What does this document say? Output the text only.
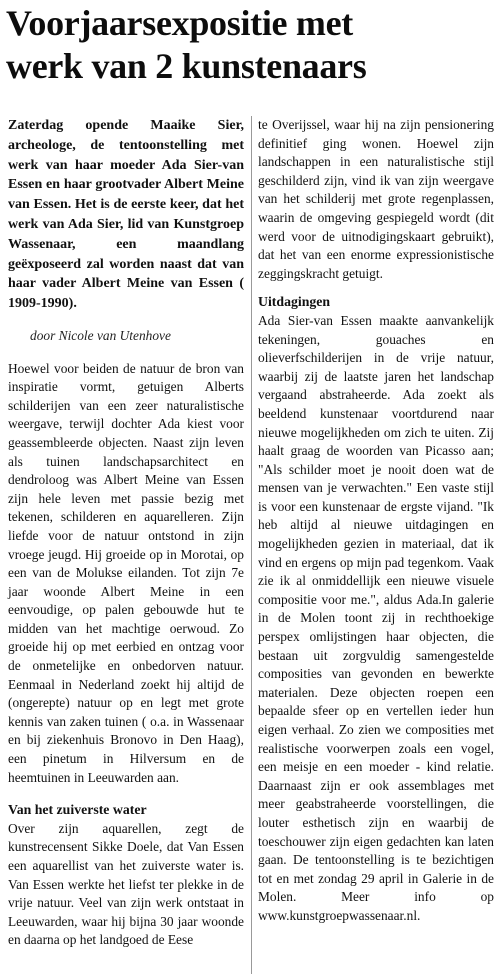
Voorjaarsexpositie met
werk van 2 kunstenaars

Zaterdag opende Maaike Sier, archeologe, de tentoonstelling met werk van haar moeder Ada Sier-van Essen en haar grootvader Albert Meine van Essen. Het is de eerste keer, dat het werk van Ada Sier, lid van Kunstgroep Wassenaar, een maandlang geëxposeerd zal worden naast dat van haar vader Albert Meine van Essen ( 1909-1990).

door Nicole van Utenhove

Hoewel voor beiden de natuur de bron van inspiratie vormt, getuigen Alberts schilderijen van een zeer naturalistische weergave, terwijl dochter Ada kiest voor geassembleerde objecten. Naast zijn leven als tuinen landschapsarchitect en dendroloog was Albert Meine van Essen zijn hele leven met passie bezig met tekenen, schilderen en aquarelleren. Zijn liefde voor de natuur ontstond in zijn vroege jeugd. Hij groeide op in Morotai, op een van de Molukse eilanden. Tot zijn 7e jaar woonde Albert Meine in een eenvoudige, op palen gebouwde hut te midden van het machtige oerwoud. Zo groeide hij op met eerbied en ontzag voor de onmetelijke en onbedorven natuur. Eenmaal in Nederland zoekt hij altijd de (ongerepte) natuur op en legt met grote kennis van zaken tuinen ( o.a. in Wassenaar en bij ziekenhuis Bronovo in Den Haag), een pinetum in Hilversum en de heemtuinen in Leeuwarden aan.

Van het zuiverste water

Over zijn aquarellen, zegt de kunstrecensent Sikke Doele, dat Van Essen een aquarellist van het zuiverste water is. Van Essen werkte het liefst ter plekke in de vrije natuur. Veel van zijn werk ontstaat in Leeuwarden, waar hij bijna 30 jaar woonde en daarna op het landgoed de Eese

te Overijssel, waar hij na zijn pensionering definitief ging wonen. Hoewel zijn landschappen in een naturalistische stijl geschilderd zijn, vind ik van zijn weergave van het schilderij met grote regenplassen, waarin de omgeving gespiegeld wordt (dit werd voor de uitnodigingskaart gebruikt), dat het van een enorme expressionistische zeggingskracht getuigt.

Uitdagingen

Ada Sier-van Essen maakte aanvankelijk tekeningen, gouaches en olieverfschilderijen in de vrije natuur, waarbij zij de laatste jaren het landschap vergaand abstraheerde. Ada zoekt als beeldend kunstenaar voortdurend naar nieuwe mogelijkheden om zich te uiten. Zij haalt graag de woorden van Picasso aan; "Als schilder moet je nooit doen wat de mensen van je verwachten." Een vaste stijl is voor een kunstenaar de ergste vijand. "Ik heb altijd al nieuwe uitdagingen en mogelijkheden gezien in materiaal, dat ik vind en ergens op mijn pad tegenkom. Vaak zie ik al onmiddellijk een nieuwe visuele compositie voor me.", aldus Ada.In galerie in de Molen toont zij in rechthoekige perspex omlijstingen haar objecten, die bestaan uit zorgvuldig samengestelde composities van gevonden en bewerkte materialen. Deze objecten roepen een bepaalde sfeer op en vertellen ieder hun eigen verhaal. Zo zien we composities met realistische voorwerpen zoals een vogel, een meisje en een moeder - kind relatie. Daarnaast zijn er ook assemblages met meer geabstraheerde voorstellingen, die louter esthetisch zijn en waarbij de toeschouwer zijn eigen gedachten kan laten gaan. De tentoonstelling is te bezichtigen tot en met zondag 29 april in Galerie in de Molen. Meer info op www.kunstgroepwassenaar.nl.
